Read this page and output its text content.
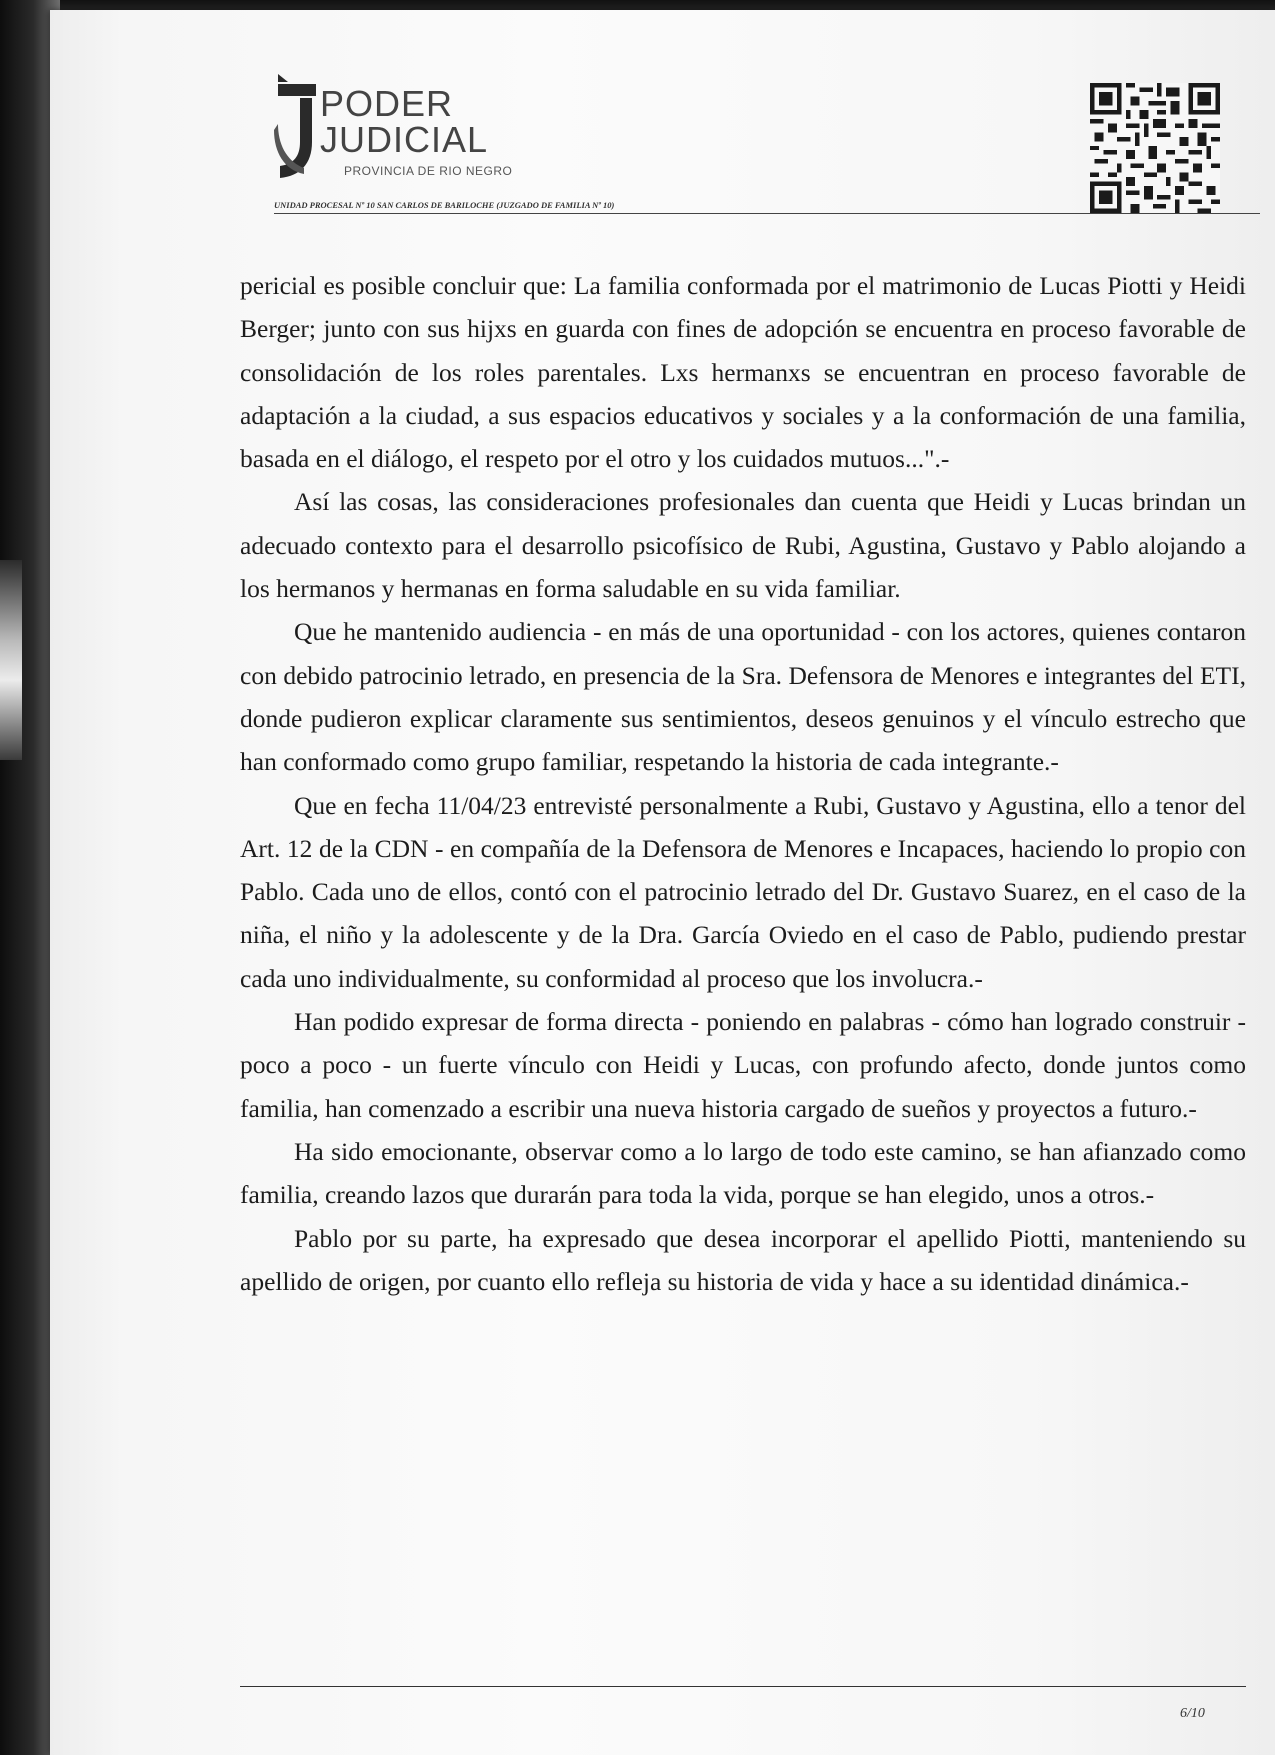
PODER
JUDICIAL
PROVINCIA DE RIO NEGRO
UNIDAD PROCESAL Nº 10 SAN CARLOS DE BARILOCHE (JUZGADO DE FAMILIA Nº 10)

pericial es posible concluir que: La familia conformada por el matrimonio de Lucas Piotti y Heidi Berger; junto con sus hijxs en guarda con fines de adopción se encuentra en proceso favorable de consolidación de los roles parentales. Lxs hermanxs se encuentran en proceso favorable de adaptación a la ciudad, a sus espacios educativos y sociales y a la conformación de una familia, basada en el diálogo, el respeto por el otro y los cuidados mutuos...".-

Así las cosas, las consideraciones profesionales dan cuenta que Heidi y Lucas brindan un adecuado contexto para el desarrollo psicofísico de Rubi, Agustina, Gustavo y Pablo alojando a los hermanos y hermanas en forma saludable en su vida familiar.

Que he mantenido audiencia - en más de una oportunidad - con los actores, quienes contaron con debido patrocinio letrado, en presencia de la Sra. Defensora de Menores e integrantes del ETI, donde pudieron explicar claramente sus sentimientos, deseos genuinos y el vínculo estrecho que han conformado como grupo familiar, respetando la historia de cada integrante.-

Que en fecha 11/04/23 entrevisté personalmente a Rubi, Gustavo y Agustina, ello a tenor del Art. 12 de la CDN - en compañía de la Defensora de Menores e Incapaces, haciendo lo propio con Pablo. Cada uno de ellos, contó con el patrocinio letrado del Dr. Gustavo Suarez, en el caso de la niña, el niño y la adolescente y de la Dra. García Oviedo en el caso de Pablo, pudiendo prestar cada uno individualmente, su conformidad al proceso que los involucra.-

Han podido expresar de forma directa - poniendo en palabras - cómo han logrado construir - poco a poco - un fuerte vínculo con Heidi y Lucas, con profundo afecto, donde juntos como familia, han comenzado a escribir una nueva historia cargado de sueños y proyectos a futuro.-

Ha sido emocionante, observar como a lo largo de todo este camino, se han afianzado como familia, creando lazos que durarán para toda la vida, porque se han elegido, unos a otros.-

Pablo por su parte, ha expresado que desea incorporar el apellido Piotti, manteniendo su apellido de origen, por cuanto ello refleja su historia de vida y hace a su identidad dinámica.-

6/10
